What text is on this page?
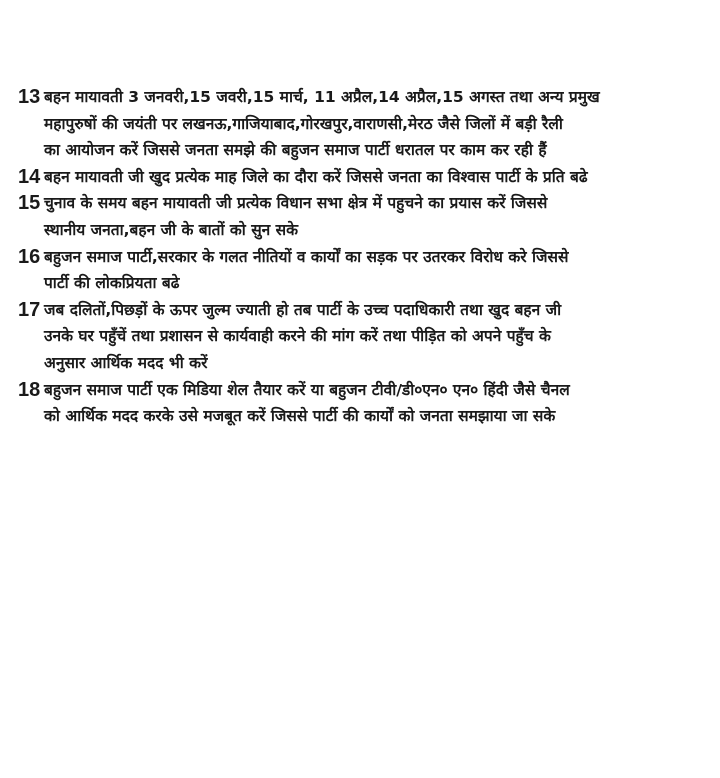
13 बहन मायावती 3 जनवरी,15 जवरी,15 मार्च, 11 अप्रैल,14 अप्रैल,15 अगस्त तथा अन्य प्रमुख
महापुरुषों की जयंती पर लखनऊ,गाजियाबाद,गोरखपुर,वाराणसी,मेरठ जैसे जिलों में बड़ी रैली
का आयोजन करें जिससे जनता समझे की बहुजन समाज पार्टी धरातल पर काम कर रही हैं
14 बहन मायावती जी खुद प्रत्येक माह जिले का दौरा करें जिससे जनता का विश्वास पार्टी के प्रति बढे
15 चुनाव के समय बहन मायावती जी प्रत्येक विधान सभा क्षेत्र में पहुचने का प्रयास करें जिससे
स्थानीय जनता,बहन जी के बातों को सुन सके
16 बहुजन समाज पार्टी,सरकार के गलत नीतियों व कार्यों का सड़क पर उतरकर विरोध करे जिससे
पार्टी की लोकप्रियता बढे
17 जब दलितों,पिछड़ों के ऊपर जुल्म ज्याती हो तब पार्टी के उच्च पदाधिकारी तथा खुद बहन जी
उनके घर पहुँचें तथा प्रशासन से कार्यवाही करने की मांग करें तथा पीड़ित को अपने पहुँच के
अनुसार आर्थिक मदद भी करें
18 बहुजन समाज पार्टी एक मिडिया शेल तैयार करें या बहुजन टीवी/डी०एन० एन० हिंदी जैसे चैनल
को आर्थिक मदद करके उसे मजबूत करें जिससे पार्टी की कार्यों को जनता समझाया जा सके
